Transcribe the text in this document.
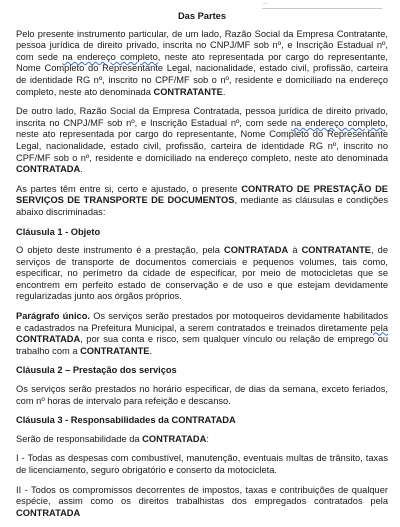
...
Das Partes

Pelo presente instrumento particular, de um lado, Razão Social da Empresa Contratante, pessoa jurídica de direito privado, inscrita no CNPJ/MF sob nº, e Inscrição Estadual nº, com sede na endereço completo, neste ato representada por cargo do representante, Nome Completo do Representante Legal, nacionalidade, estado civil, profissão, carteira de identidade RG nº, inscrito no CPF/MF sob o nº, residente e domiciliado na endereço completo, neste ato denominada CONTRATANTE.

De outro lado, Razão Social da Empresa Contratada, pessoa jurídica de direito privado, inscrita no CNPJ/MF sob nº, e Inscrição Estadual nº, com sede na endereço completo, neste ato representada por cargo do representante, Nome Completo do Representante Legal, nacionalidade, estado civil, profissão, carteira de identidade RG nº, inscrito no CPF/MF sob o nº, residente e domiciliado na endereço completo, neste ato denominada CONTRATADA.

As partes têm entre si, certo e ajustado, o presente CONTRATO DE PRESTAÇÃO DE SERVIÇOS DE TRANSPORTE DE DOCUMENTOS, mediante as cláusulas e condições abaixo discriminadas:

Cláusula 1 - Objeto

O objeto deste instrumento é a prestação, pela CONTRATADA à CONTRATANTE, de serviços de transporte de documentos comerciais e pequenos volumes, tais como, especificar, no perímetro da cidade de especificar, por meio de motocicletas que se encontrem em perfeito estado de conservação e de uso e que estejam devidamente regularizadas junto aos órgãos próprios.

Parágrafo único. Os serviços serão prestados por motoqueiros devidamente habilitados e cadastrados na Prefeitura Municipal, a serem contratados e treinados diretamente pela CONTRATADA, por sua conta e risco, sem qualquer vínculo ou relação de emprego ou trabalho com a CONTRATANTE.

Cláusula 2 – Prestação dos serviços

Os serviços serão prestados no horário especificar, de dias da semana, exceto feriados, com nº horas de intervalo para refeição e descanso.

Cláusula 3 - Responsabilidades da CONTRATADA

Serão de responsabilidade da CONTRATADA:

I - Todas as despesas com combustível, manutenção, eventuais multas de trânsito, taxas de licenciamento, seguro obrigatório e conserto da motocicleta.

II - Todos os compromissos decorrentes de impostos, taxas e contribuições de qualquer espécie, assim como os direitos trabalhistas dos empregados contratados pela CONTRATADA
